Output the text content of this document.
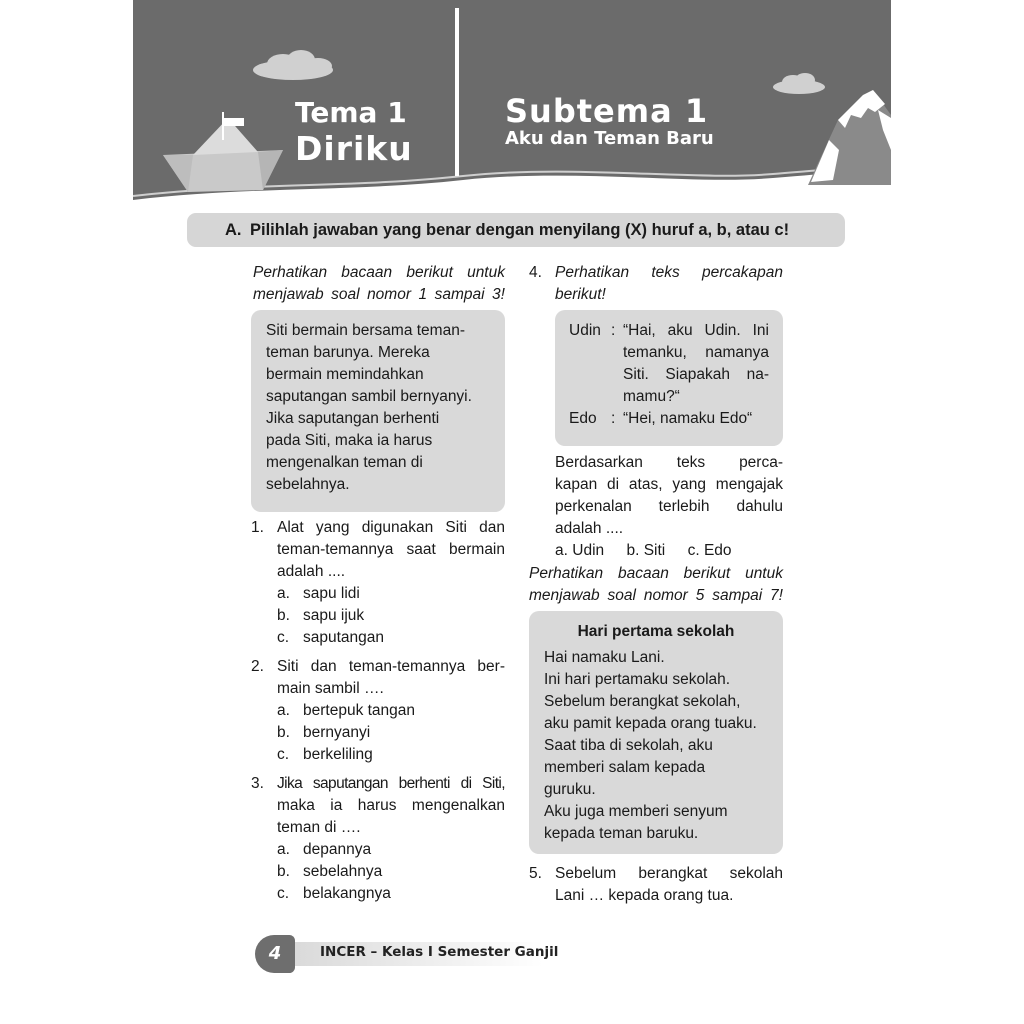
Tema 1
Diriku
Subtema 1
Aku dan Teman Baru
A. Pilihlah jawaban yang benar dengan menyilang (X) huruf a, b, atau c!
Perhatikan bacaan berikut untuk
menjawab soal nomor 1 sampai 3!
Siti bermain bersama teman-
teman barunya. Mereka
bermain memindahkan
saputangan sambil bernyanyi.
Jika saputangan berhenti
pada Siti, maka ia harus
mengenalkan teman di
sebelahnya.
1. Alat yang digunakan Siti dan
teman-temannya saat bermain
adalah ....
a. sapu lidi
b. sapu ijuk
c. saputangan
2. Siti dan teman-temannya ber-
main sambil ….
a. bertepuk tangan
b. bernyanyi
c. berkeliling
3. Jika saputangan berhenti di Siti,
maka ia harus mengenalkan
teman di ….
a. depannya
b. sebelahnya
c. belakangnya
4. Perhatikan teks percakapan
berikut!
Udin : “Hai, aku Udin. Ini
temanku, namanya
Siti. Siapakah na-
mamu?“
Edo : “Hei, namaku Edo“
Berdasarkan teks perca-
kapan di atas, yang mengajak
perkenalan terlebih dahulu
adalah ....
a. Udin b. Siti c. Edo
Perhatikan bacaan berikut untuk
menjawab soal nomor 5 sampai 7!
Hari pertama sekolah
Hai namaku Lani.
Ini hari pertamaku sekolah.
Sebelum berangkat sekolah,
aku pamit kepada orang tuaku.
Saat tiba di sekolah, aku
memberi salam kepada
guruku.
Aku juga memberi senyum
kepada teman baruku.
5. Sebelum berangkat sekolah
Lani … kepada orang tua.
4	INCER – Kelas I Semester Ganjil
